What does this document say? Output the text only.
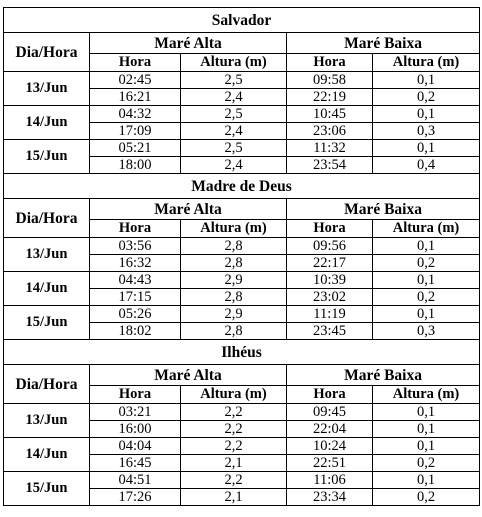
Salvador				
Dia/Hora	Maré Alta		Maré Baixa	
	Hora	Altura (m)	Hora	Altura (m)
13/Jun	02:45	2,5	09:58	0,1
	16:21	2,4	22:19	0,2
14/Jun	04:32	2,5	10:45	0,1
	17:09	2,4	23:06	0,3
15/Jun	05:21	2,5	11:32	0,1
	18:00	2,4	23:54	0,4
Madre de Deus				
Dia/Hora	Maré Alta		Maré Baixa	
	Hora	Altura (m)	Hora	Altura (m)
13/Jun	03:56	2,8	09:56	0,1
	16:32	2,8	22:17	0,2
14/Jun	04:43	2,9	10:39	0,1
	17:15	2,8	23:02	0,2
15/Jun	05:26	2,9	11:19	0,1
	18:02	2,8	23:45	0,3
Ilhéus				
Dia/Hora	Maré Alta		Maré Baixa	
	Hora	Altura (m)	Hora	Altura (m)
13/Jun	03:21	2,2	09:45	0,1
	16:00	2,2	22:04	0,1
14/Jun	04:04	2,2	10:24	0,1
	16:45	2,1	22:51	0,2
15/Jun	04:51	2,2	11:06	0,1
	17:26	2,1	23:34	0,2
